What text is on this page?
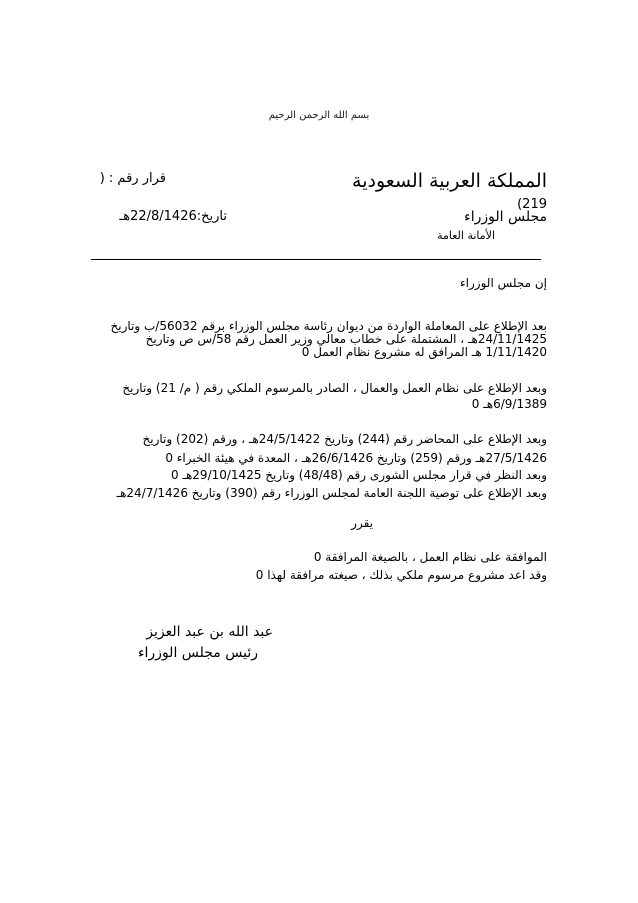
بسم الله الرحمن الرحيم
المملكة العربية السعودية
قرار رقم : (
(219
مجلس الوزراء
تاريخ:22/8/1426هـ
الأمانة العامة
إن مجلس الوزراء
بعد الإطلاع على المعاملة الواردة من ديوان رئاسة مجلس الوزراء برقم 56032/ب وتاريخ
24/11/1425هـ ، المشتملة على خطاب معالي وزير العمل رقم 58/س ص وتاريخ
1/11/1420 هـ المرافق له مشروع نظام العمل 0
وبعد الإطلاع على نظام العمل والعمال ، الصادر بالمرسوم الملكي رقم ( م/ 21) وتاريخ
6/9/1389هـ 0
وبعد الإطلاع على المحاضر رقم (244) وتاريخ 24/5/1422هـ ، ورقم (202) وتاريخ
27/5/1426هـ ورقم (259) وتاريخ 26/6/1426هـ ، المعدة في هيئة الخبراء 0
وبعد النظر في قرار مجلس الشورى رقم (48/48) وتاريخ 29/10/1425هـ 0
وبعد الإطلاع على توصية اللجنة العامة لمجلس الوزراء رقم (390) وتاريخ 24/7/1426هـ
يقرر
الموافقة على نظام العمل ، بالصيغة المرافقة 0
وقد اعد مشروع مرسوم ملكي بذلك ، صيغته مرافقة لهذا 0
عبد الله بن عبد العزيز
رئيس مجلس الوزراء
